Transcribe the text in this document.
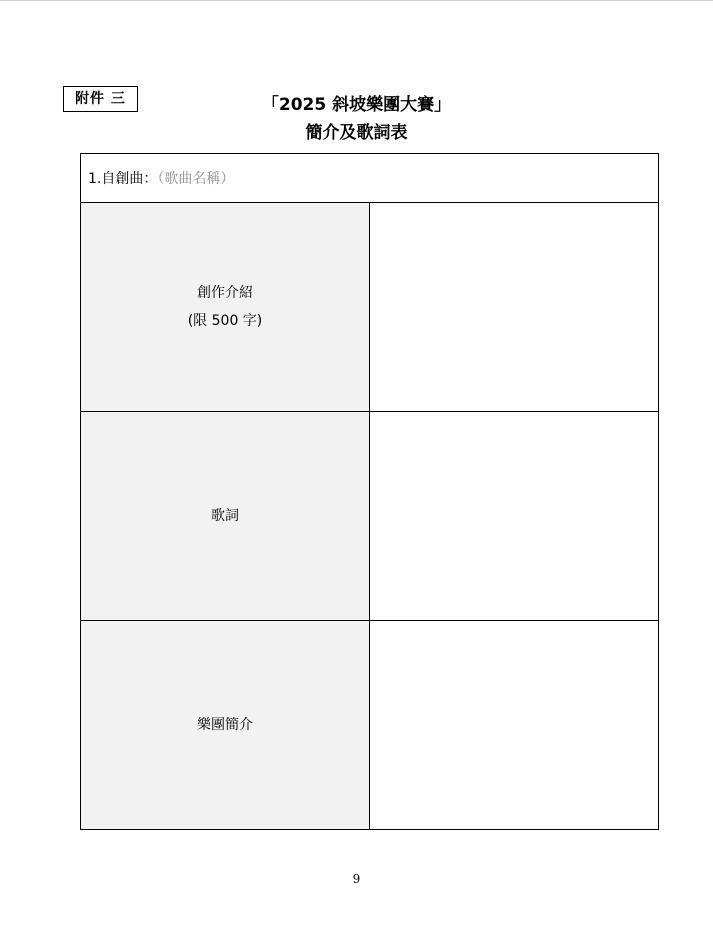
附件 三	「2025 斜坡樂團大賽」
簡介及歌詞表
1.自創曲：（歌曲名稱）	

創作介紹
(限 500 字)	

歌詞	

樂團簡介	

9
